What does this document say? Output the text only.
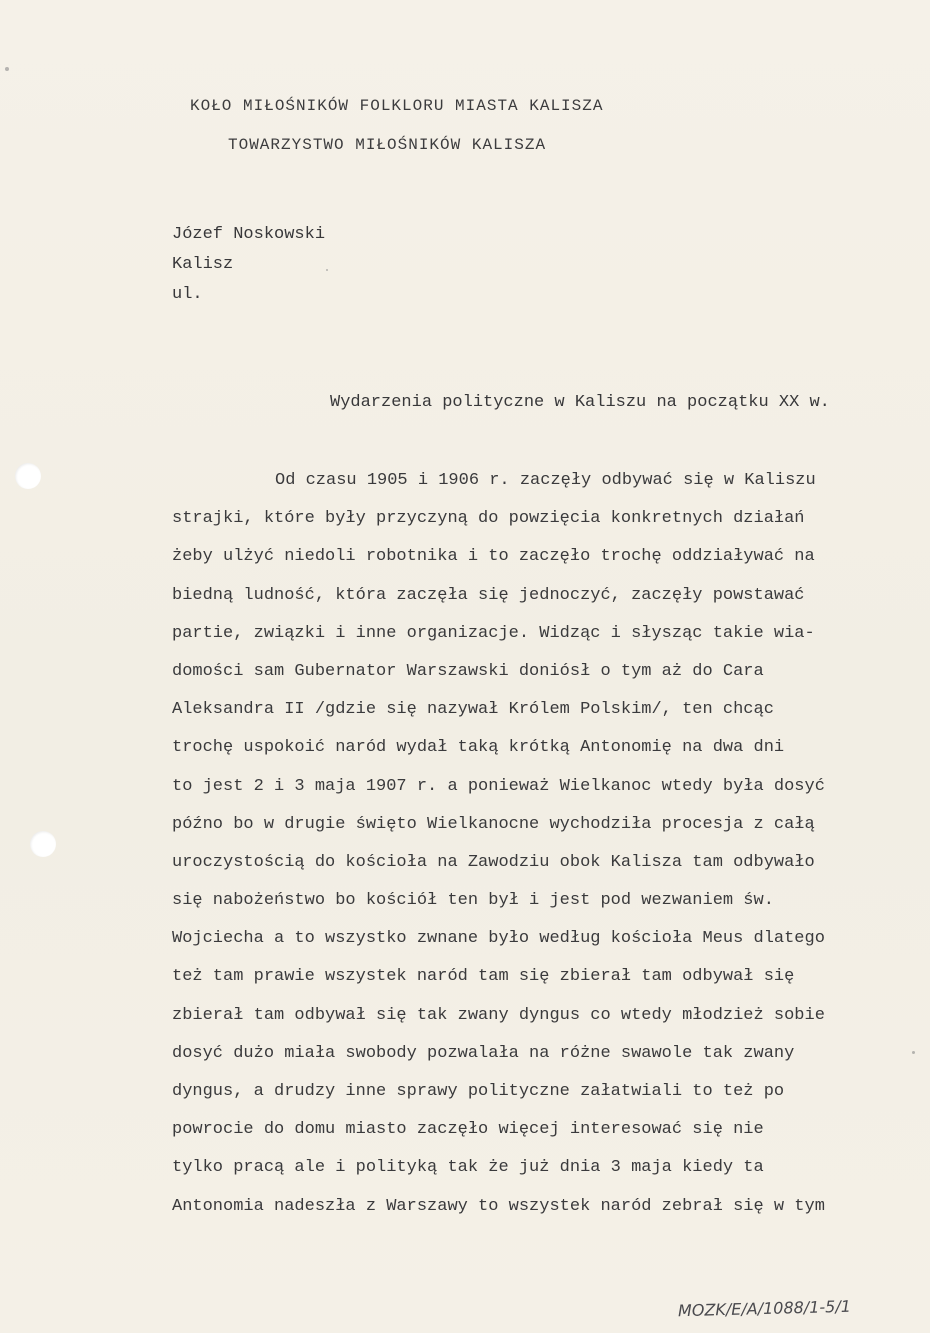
KOŁO MIŁOŚNIKÓW FOLKLORU MIASTA KALISZA
TOWARZYSTWO MIŁOŚNIKÓW KALISZA
Józef Noskowski
Kalisz
ul.
Wydarzenia polityczne w Kaliszu na początku XX w.
Od czasu 1905 i 1906 r. zaczęły odbywać się w Kaliszu
strajki, które były przyczyną do powzięcia konkretnych działań
żeby ulżyć niedoli robotnika i to zaczęło trochę oddziaływać na
biedną ludność, która zaczęła się jednoczyć, zaczęły powstawać
partie, związki i inne organizacje. Widząc i słysząc takie wia-
domości sam Gubernator Warszawski doniósł o tym aż do Cara
Aleksandra II /gdzie się nazywał Królem Polskim/, ten chcąc
trochę uspokoić naród wydał taką krótką Antonomię na dwa dni
to jest 2 i 3 maja 1907 r. a ponieważ Wielkanoc wtedy była dosyć
późno bo w drugie święto Wielkanocne wychodziła procesja z całą
uroczystością do kościoła na Zawodziu obok Kalisza tam odbywało
się nabożeństwo bo kościół ten był i jest pod wezwaniem św.
Wojciecha a to wszystko zwnane było według kościoła Meus dlatego
też tam prawie wszystek naród tam się zbierał tam odbywał się
zbierał tam odbywał się tak zwany dyngus co wtedy młodzież sobie
dosyć dużo miała swobody pozwalała na różne swawole tak zwany
dyngus, a drudzy inne sprawy polityczne załatwiali to też po
powrocie do domu miasto zaczęło więcej interesować się nie
tylko pracą ale i polityką tak że już dnia 3 maja kiedy ta
Antonomia nadeszła z Warszawy to wszystek naród zebrał się w tym
MOZK/E/A/1088/1-5/1
